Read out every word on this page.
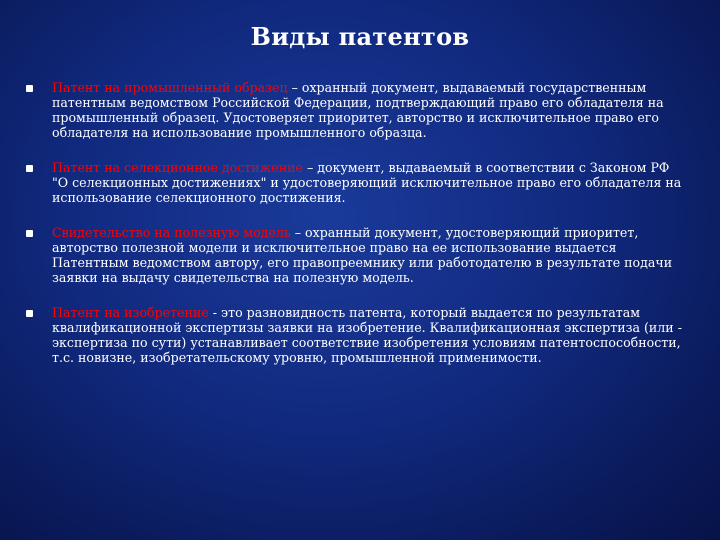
Виды патентов
Патент на промышленный образец – охранный документ, выдаваемый государственным патентным ведомством Российской Федерации, подтверждающий право его обладателя на промышленный образец. Удостоверяет приоритет, авторство и исключительное право его обладателя на использование промышленного образца.
Патент на селекционное достижение – документ, выдаваемый в соответствии с Законом РФ "О селекционных достижениях" и удостоверяющий исключительное право его обладателя на использование селекционного достижения.
Свидетельство на полезную модель – охранный документ, удостоверяющий приоритет, авторство полезной модели и исключительное право на ее использование выдается Патентным ведомством автору, его правопреемнику или работодателю в результате подачи заявки на выдачу свидетельства на полезную модель.
Патент на изобретение - это разновидность патента, который выдается по результатам квалификационной экспертизы заявки на изобретение. Квалификационная экспертиза (или - экспертиза по сути) устанавливает соответствие изобретения условиям патентоспособности, т.с. новизне, изобретательскому уровню, промышленной применимости.
